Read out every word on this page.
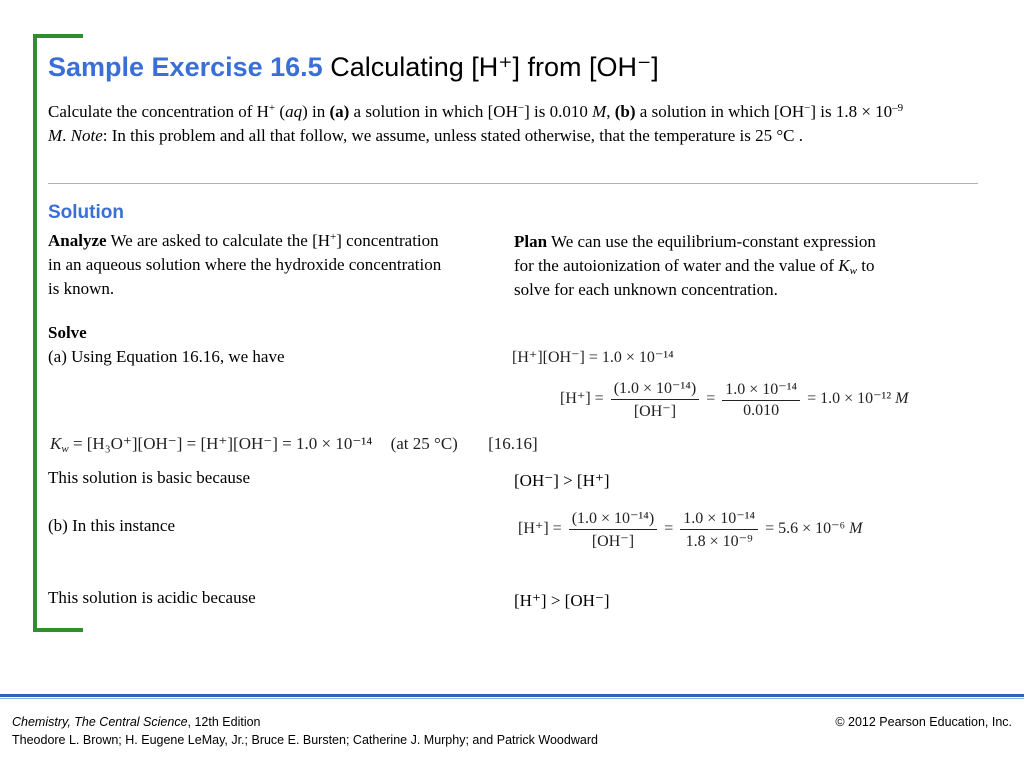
Sample Exercise 16.5 Calculating [H⁺] from [OH⁻]
Calculate the concentration of H+ (aq) in (a) a solution in which [OH−] is 0.010 M, (b) a solution in which [OH−] is $1.8 \times 10^{-9}$ M. Note: In this problem and all that follow, we assume, unless stated otherwise, that the temperature is 25 °C .
Solution
Analyze We are asked to calculate the [H+] concentration in an aqueous solution where the hydroxide concentration is known.
Plan We can use the equilibrium-constant expression for the autoionization of water and the value of $K_w$ to solve for each unknown concentration.
Solve
(a) Using Equation 16.16, we have	[H⁺][OH⁻] = 1.0 × 10⁻¹⁴
$[H^+] = \frac{\text{(1.0 × 10⁻¹⁴)}}{[OH^-]} = \frac{\text{1.0 × 10⁻¹⁴}}{0.010} = 1.0 \times 10^{-12}$ M
$K_w = [H_3O^+][OH^-] = [H^+][OH^-] = 1.0 \times 10^{-14}$ (at 25 °C) [16.16]
This solution is basic because	[OH⁻] > [H⁺]
(b) In this instance	$[H^+] = \frac{\text{(1.0 × 10⁻¹⁴)}}{[OH^-]} = \frac{\text{1.0 × 10⁻¹⁴}}{\text{1.8 × 10⁻⁹}} = 5.6 \times 10^{-6}$ M
This solution is acidic because	[H⁺] > [OH⁻]
Chemistry, The Central Science, 12th Edition
Theodore L. Brown; H. Eugene LeMay, Jr.; Bruce E. Bursten; Catherine J. Murphy; and Patrick Woodward
© 2012 Pearson Education, Inc.
